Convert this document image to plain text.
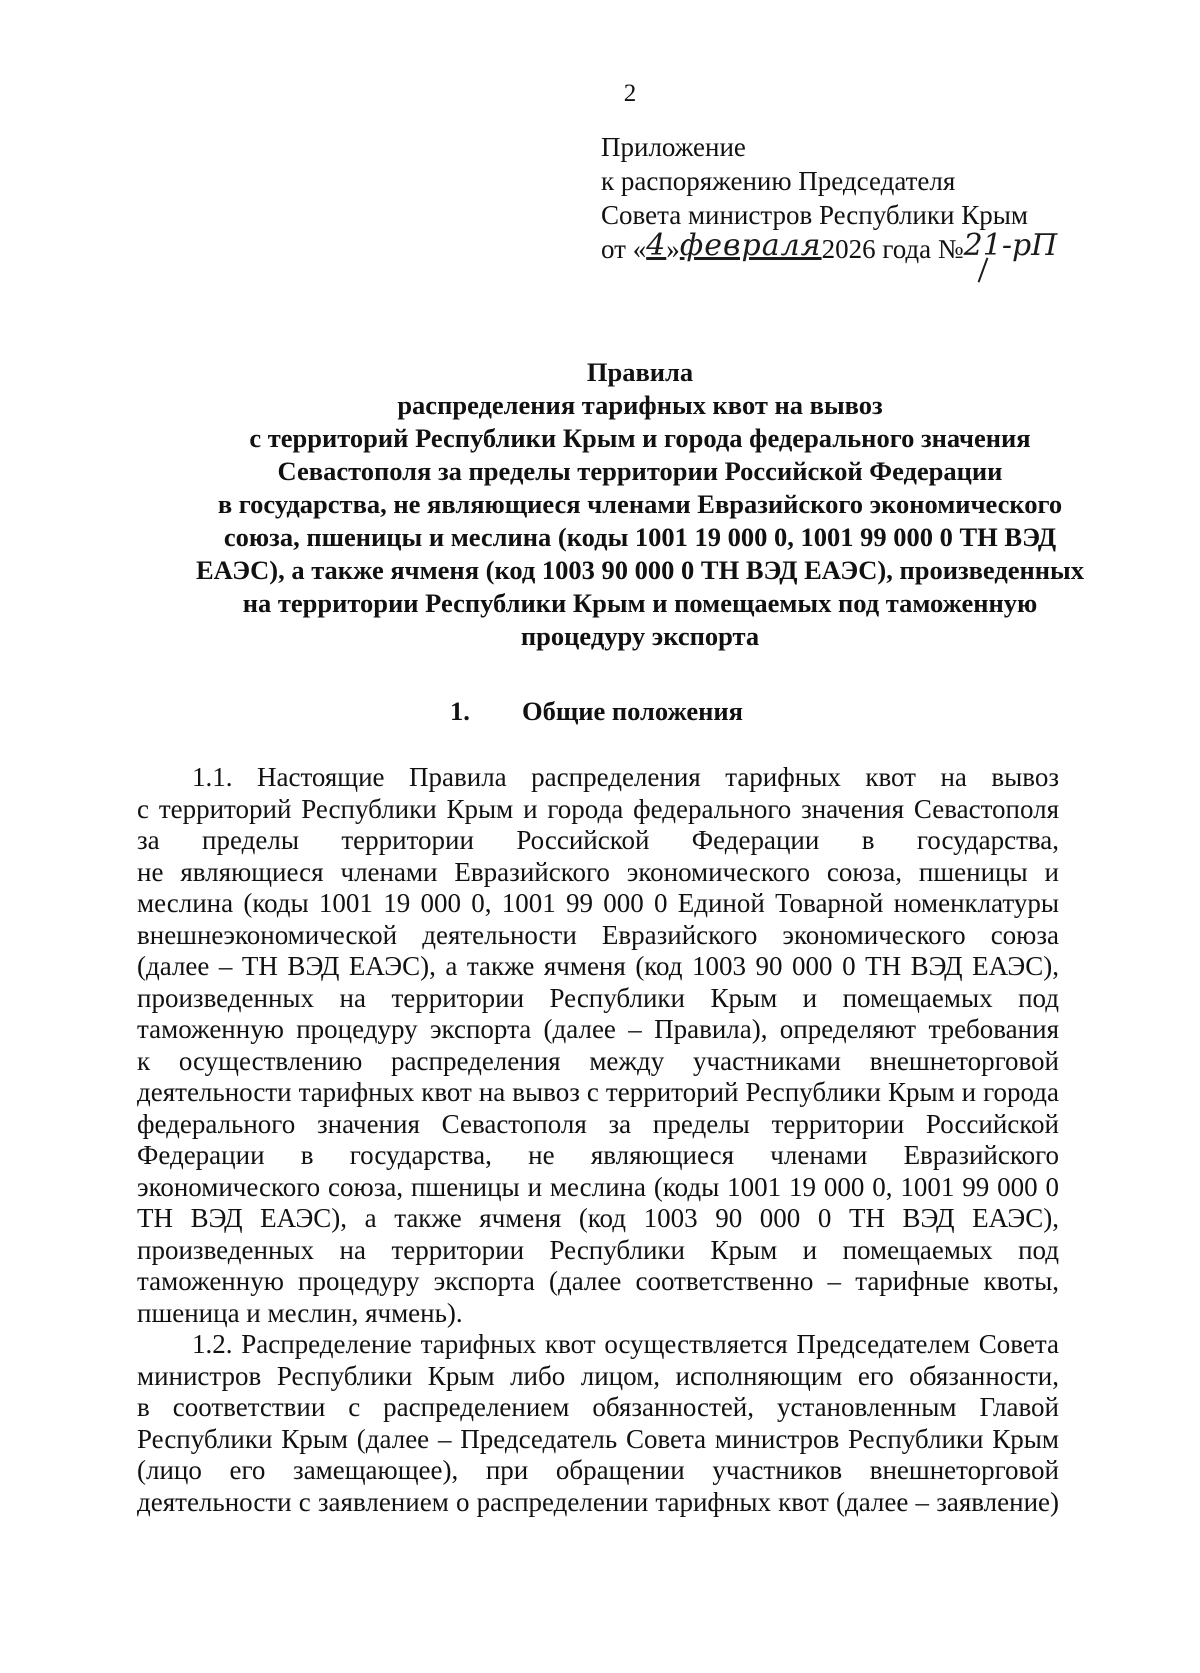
2
Приложение
к распоряжению Председателя
Совета министров Республики Крым
от «4»февраля2026 года №21-рП
Правила
распределения тарифных квот на вывоз
с территорий Республики Крым и города федерального значения
Севастополя за пределы территории Российской Федерации
в государства, не являющиеся членами Евразийского экономического
союза, пшеницы и меслина (коды 1001 19 000 0, 1001 99 000 0 ТН ВЭД
ЕАЭС), а также ячменя (код 1003 90 000 0 ТН ВЭД ЕАЭС), произведенных
на территории Республики Крым и помещаемых под таможенную
процедуру экспорта
1. Общие положения
1.1. Настоящие Правила распределения тарифных квот на вывоз
с территорий Республики Крым и города федерального значения Севастополя
за пределы территории Российской Федерации в государства,
не являющиеся членами Евразийского экономического союза, пшеницы и
меслина (коды 1001 19 000 0, 1001 99 000 0 Единой Товарной номенклатуры
внешнеэкономической деятельности Евразийского экономического союза
(далее – ТН ВЭД ЕАЭС), а также ячменя (код 1003 90 000 0 ТН ВЭД ЕАЭС),
произведенных на территории Республики Крым и помещаемых под
таможенную процедуру экспорта (далее – Правила), определяют требования
к осуществлению распределения между участниками внешнеторговой
деятельности тарифных квот на вывоз с территорий Республики Крым и города
федерального значения Севастополя за пределы территории Российской
Федерации в государства, не являющиеся членами Евразийского
экономического союза, пшеницы и меслина (коды 1001 19 000 0, 1001 99 000 0
ТН ВЭД ЕАЭС), а также ячменя (код 1003 90 000 0 ТН ВЭД ЕАЭС),
произведенных на территории Республики Крым и помещаемых под
таможенную процедуру экспорта (далее соответственно – тарифные квоты,
пшеница и меслин, ячмень).
1.2. Распределение тарифных квот осуществляется Председателем Совета
министров Республики Крым либо лицом, исполняющим его обязанности,
в соответствии с распределением обязанностей, установленным Главой
Республики Крым (далее – Председатель Совета министров Республики Крым
(лицо его замещающее), при обращении участников внешнеторговой
деятельности с заявлением о распределении тарифных квот (далее – заявление)
